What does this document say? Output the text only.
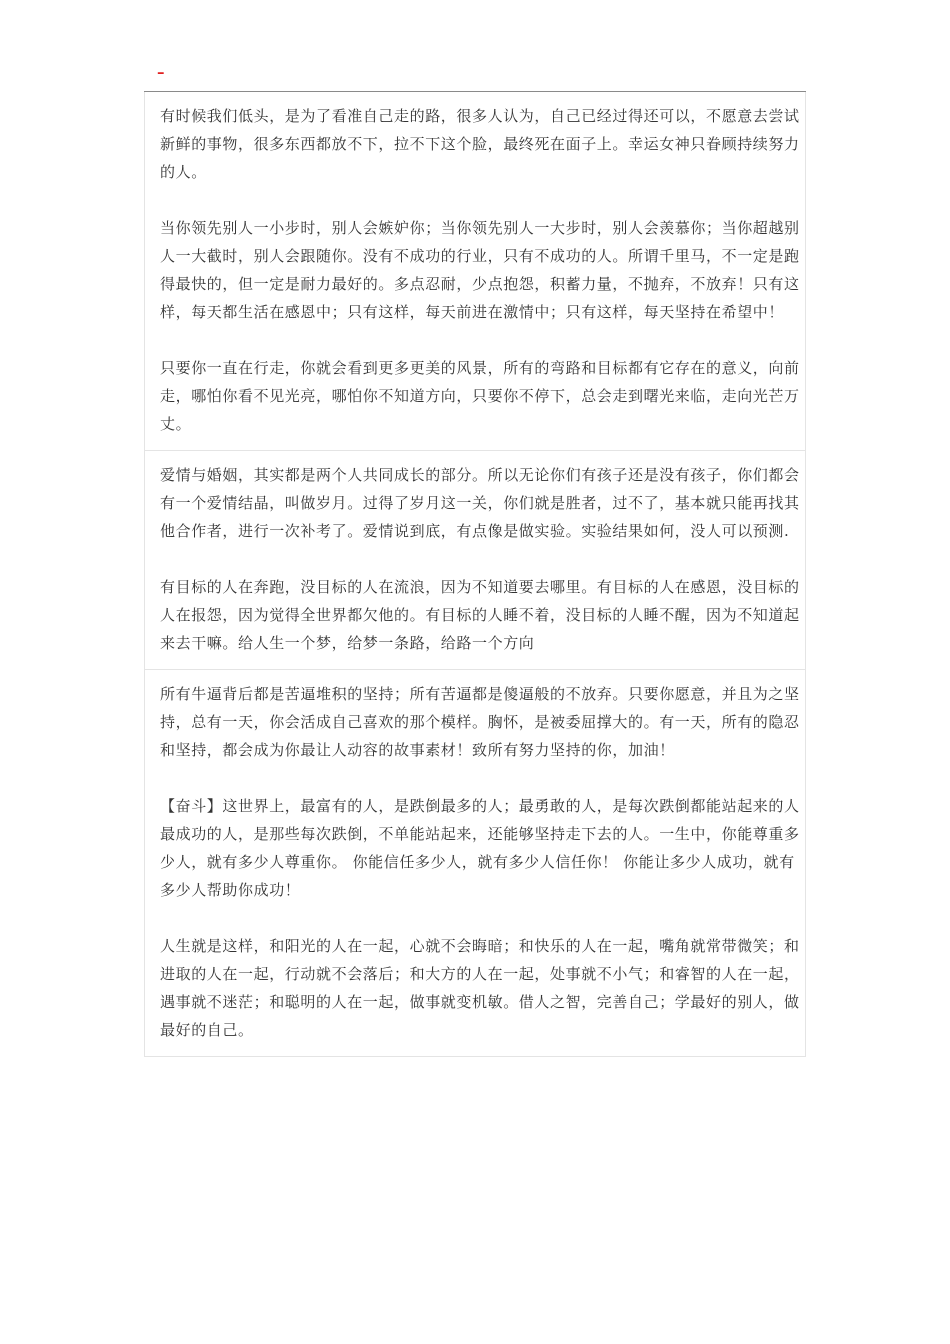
–

有时候我们低头，是为了看准自己走的路，很多人认为，自己已经过得还可以，不愿意去尝试新鲜的事物，很多东西都放不下，拉不下这个脸，最终死在面子上。幸运女神只眷顾持续努力的人。

当你领先别人一小步时，别人会嫉妒你；当你领先别人一大步时，别人会羡慕你；当你超越别人一大截时，别人会跟随你。没有不成功的行业，只有不成功的人。所谓千里马，不一定是跑得最快的，但一定是耐力最好的。多点忍耐，少点抱怨，积蓄力量，不抛弃，不放弃！只有这样，每天都生活在感恩中；只有这样，每天前进在激情中；只有这样，每天坚持在希望中！

只要你一直在行走，你就会看到更多更美的风景，所有的弯路和目标都有它存在的意义，向前走，哪怕你看不见光亮，哪怕你不知道方向，只要你不停下，总会走到曙光来临，走向光芒万丈。

爱情与婚姻，其实都是两个人共同成长的部分。所以无论你们有孩子还是没有孩子，你们都会有一个爱情结晶，叫做岁月。过得了岁月这一关，你们就是胜者，过不了，基本就只能再找其他合作者，进行一次补考了。爱情说到底，有点像是做实验。实验结果如何，没人可以预测.

有目标的人在奔跑，没目标的人在流浪，因为不知道要去哪里。有目标的人在感恩，没目标的人在报怨，因为觉得全世界都欠他的。有目标的人睡不着，没目标的人睡不醒，因为不知道起来去干嘛。给人生一个梦，给梦一条路，给路一个方向

所有牛逼背后都是苦逼堆积的坚持；所有苦逼都是傻逼般的不放弃。只要你愿意，并且为之坚持，总有一天，你会活成自己喜欢的那个模样。胸怀，是被委屈撑大的。有一天，所有的隐忍和坚持，都会成为你最让人动容的故事素材！致所有努力坚持的你，加油！

【奋斗】这世界上，最富有的人，是跌倒最多的人；最勇敢的人，是每次跌倒都能站起来的人 最成功的人，是那些每次跌倒，不单能站起来，还能够坚持走下去的人。一生中，你能尊重多少人，就有多少人尊重你。 你能信任多少人，就有多少人信任你！ 你能让多少人成功，就有多少人帮助你成功！

人生就是这样，和阳光的人在一起，心就不会晦暗；和快乐的人在一起，嘴角就常带微笑；和进取的人在一起，行动就不会落后；和大方的人在一起，处事就不小气；和睿智的人在一起，遇事就不迷茫；和聪明的人在一起，做事就变机敏。借人之智，完善自己；学最好的别人，做最好的自己。
